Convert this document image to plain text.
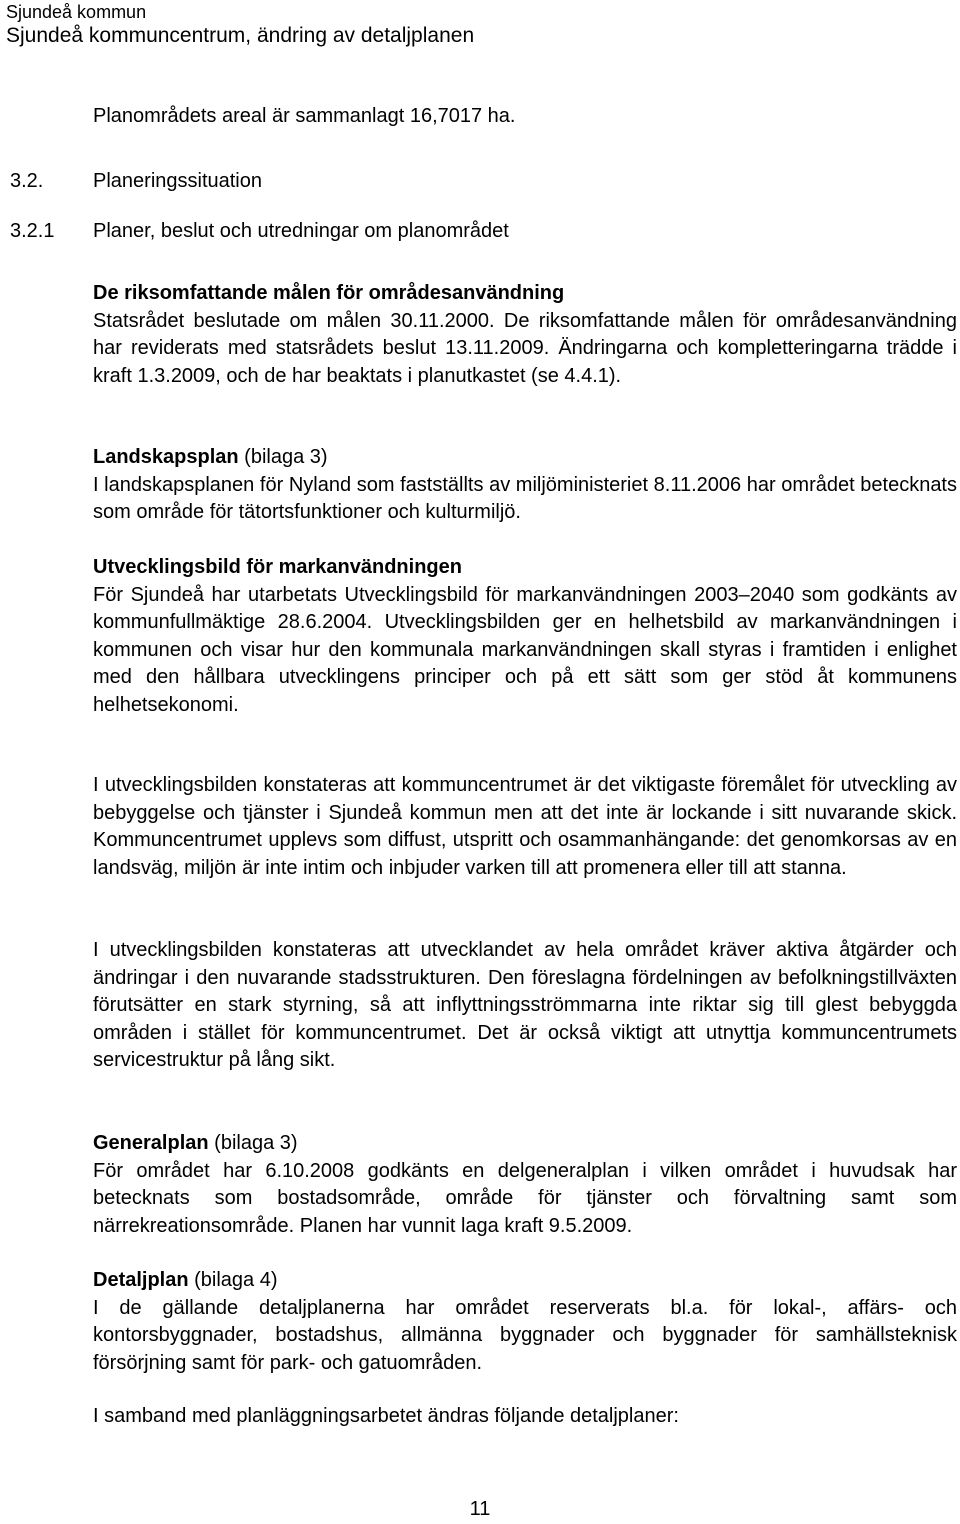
Sjundeå kommun
Sjundeå kommuncentrum, ändring av detaljplanen
Planområdets areal är sammanlagt 16,7017 ha.
3.2. Planeringssituation
3.2.1 Planer, beslut och utredningar om planområdet

De riksomfattande målen för områdesanvändning

Statsrådet beslutade om målen 30.11.2000. De riksomfattande målen för områdesanvändning har reviderats med statsrådets beslut 13.11.2009. Ändringarna och kompletteringarna trädde i kraft 1.3.2009, och de har beaktats i planutkastet (se 4.4.1).

Landskapsplan (bilaga 3)

I landskapsplanen för Nyland som fastställts av miljöministeriet 8.11.2006 har området betecknats som område för tätortsfunktioner och kulturmiljö.

Utvecklingsbild för markanvändningen

För Sjundeå har utarbetats Utvecklingsbild för markanvändningen 2003–2040 som godkänts av kommunfullmäktige 28.6.2004. Utvecklingsbilden ger en helhetsbild av markanvändningen i kommunen och visar hur den kommunala markanvändningen skall styras i framtiden i enlighet med den hållbara utvecklingens principer och på ett sätt som ger stöd åt kommunens helhetsekonomi.

I utvecklingsbilden konstateras att kommuncentrumet är det viktigaste föremålet för utveckling av bebyggelse och tjänster i Sjundeå kommun men att det inte är lockande i sitt nuvarande skick. Kommuncentrumet upplevs som diffust, utspritt och osammanhängande: det genomkorsas av en landsväg, miljön är inte intim och inbjuder varken till att promenera eller till att stanna.

I utvecklingsbilden konstateras att utvecklandet av hela området kräver aktiva åtgärder och ändringar i den nuvarande stadsstrukturen. Den föreslagna fördelningen av befolkningstillväxten förutsätter en stark styrning, så att inflyttningsströmmarna inte riktar sig till glest bebyggda områden i stället för kommuncentrumet. Det är också viktigt att utnyttja kommuncentrumets servicestruktur på lång sikt.

Generalplan (bilaga 3)

För området har 6.10.2008 godkänts en delgeneralplan i vilken området i huvudsak har betecknats som bostadsområde, område för tjänster och förvaltning samt som närrekreationsområde. Planen har vunnit laga kraft 9.5.2009.

Detaljplan (bilaga 4)

I de gällande detaljplanerna har området reserverats bl.a. för lokal-, affärs- och kontorsbyggnader, bostadshus, allmänna byggnader och byggnader för samhällsteknisk försörjning samt för park- och gatuområden.

I samband med planläggningsarbetet ändras följande detaljplaner:
11
